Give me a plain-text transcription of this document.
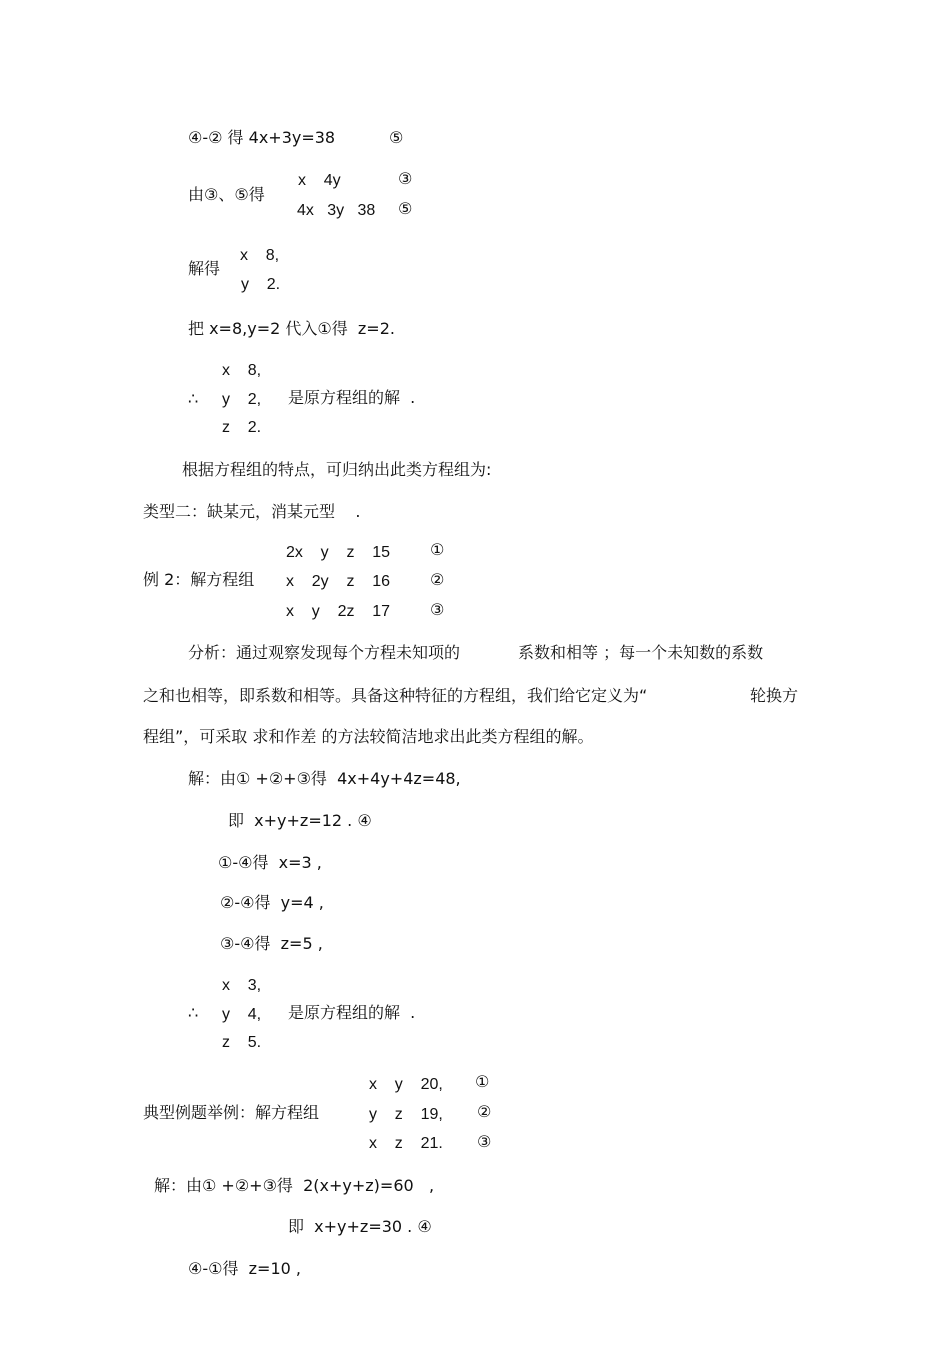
④-② 得 4x+3y=38	⑤
由③、⑤得
x    4y	③
4x   3y   38 ⑤
解得
x    8,
y    2.
把 x=8,y=2 代入①得  z=2.
∴
x    8,
y    2,
z    2.
是原方程组的解  .
根据方程组的特点，可归纳出此类方程组为:
类型二：缺某元，消某元型    .
例 2：解方程组
2x    y    z    15 ①
x    2y    z    16 ②
x    y    2z    17 ③
分析：通过观察发现每个方程未知项的	系数和相等 ；每一个未知数的系数
之和也相等，即系数和相等。具备这种特征的方程组，我们给它定义为“	轮换方
程组”，可采取 求和作差 的方法较简洁地求出此类方程组的解。
解：由① +②+③得  4x+4y+4z=48,
即  x+y+z=12 . ④
①-④得  x=3 ,
②-④得  y=4 ,
③-④得  z=5 ,
∴
x    3,
y    4,
z    5.
是原方程组的解  .
典型例题举例：解方程组
x    y    20, ①
y    z    19, ②
x    z    21. ③
解：由① +②+③得  2(x+y+z)=60   ,
即  x+y+z=30 . ④
④-①得  z=10 ,
